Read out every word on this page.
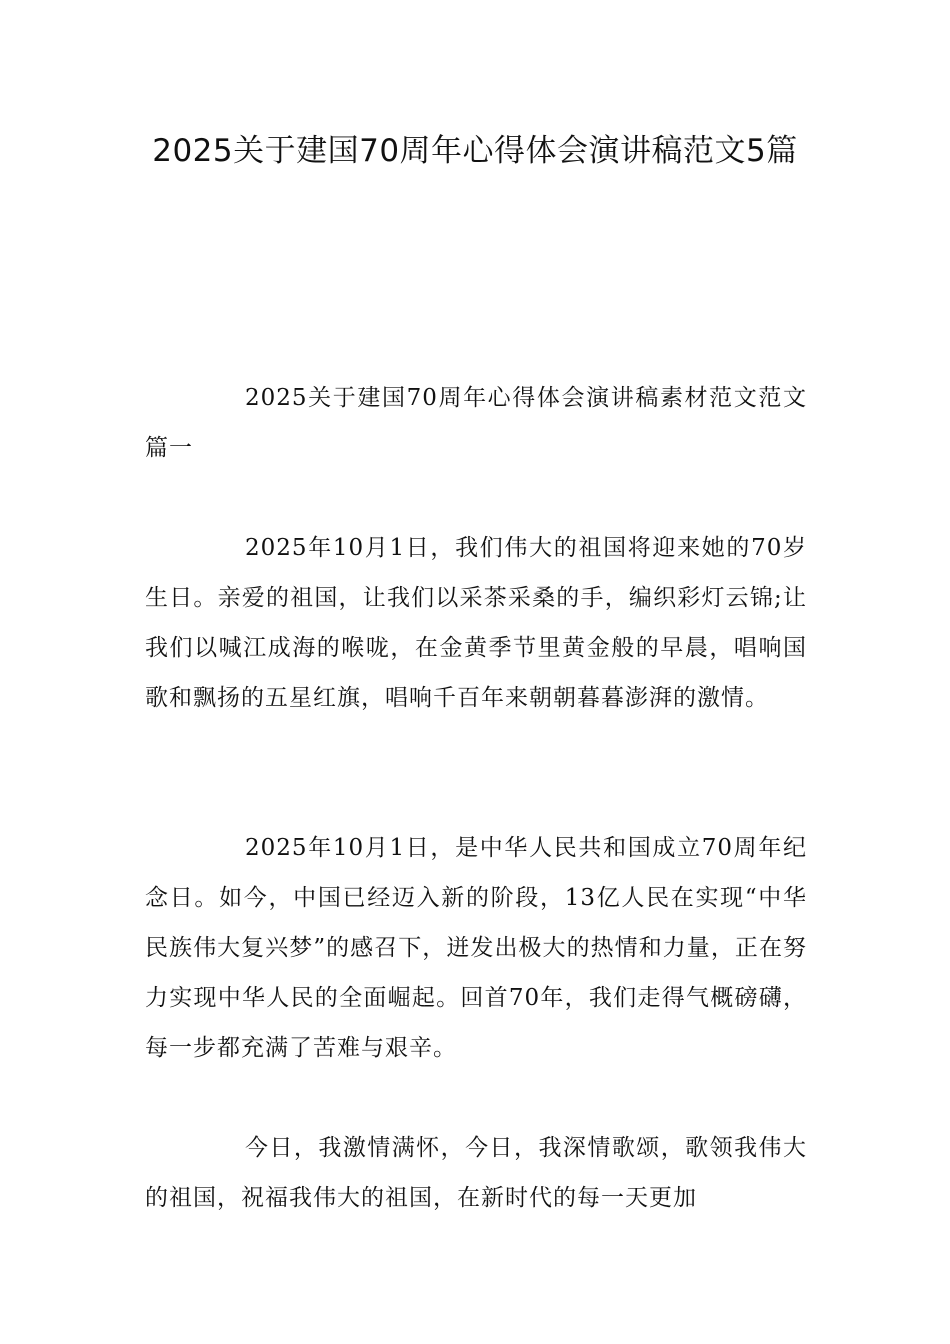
2025关于建国70周年心得体会演讲稿范文5篇

2025关于建国70周年心得体会演讲稿素材范文范文篇一

2025年10月1日，我们伟大的祖国将迎来她的70岁生日。亲爱的祖国，让我们以采茶采桑的手，编织彩灯云锦;让我们以喊江成海的喉咙，在金黄季节里黄金般的早晨，唱响国歌和飘扬的五星红旗，唱响千百年来朝朝暮暮澎湃的激情。

2025年10月1日，是中华人民共和国成立70周年纪念日。如今，中国已经迈入新的阶段，13亿人民在实现“中华民族伟大复兴梦”的感召下，迸发出极大的热情和力量，正在努力实现中华人民的全面崛起。回首70年，我们走得气概磅礴，每一步都充满了苦难与艰辛。

今日，我激情满怀，今日，我深情歌颂，歌领我伟大的祖国，祝福我伟大的祖国，在新时代的每一天更加
